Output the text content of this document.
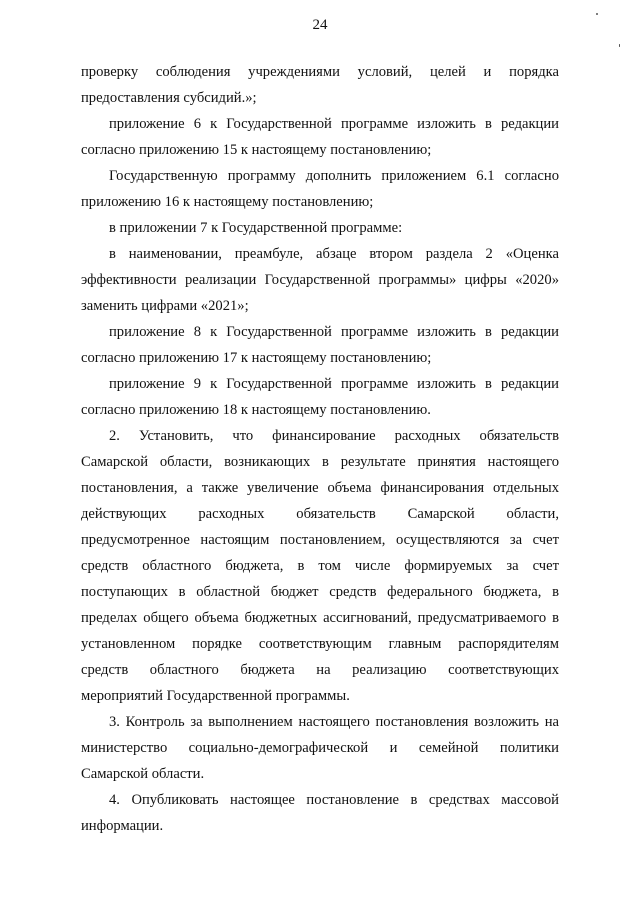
24
проверку соблюдения учреждениями условий, целей и порядка
предоставления субсидий.»;
приложение 6 к Государственной программе изложить в редакции
согласно приложению 15 к настоящему постановлению;
Государственную программу дополнить приложением 6.1 согласно
приложению 16 к настоящему постановлению;
в приложении 7 к Государственной программе:
в наименовании, преамбуле, абзаце втором раздела 2 «Оценка
эффективности реализации Государственной программы» цифры «2020»
заменить цифрами «2021»;
приложение 8 к Государственной программе изложить в редакции
согласно приложению 17 к настоящему постановлению;
приложение 9 к Государственной программе изложить в редакции
согласно приложению 18 к настоящему постановлению.
2. Установить, что финансирование расходных обязательств
Самарской области, возникающих в результате принятия настоящего
постановления, а также увеличение объема финансирования отдельных
действующих расходных обязательств Самарской области,
предусмотренное настоящим постановлением, осуществляются за счет
средств областного бюджета, в том числе формируемых за счет
поступающих в областной бюджет средств федерального бюджета, в
пределах общего объема бюджетных ассигнований, предусматриваемого в
установленном порядке соответствующим главным распорядителям
средств областного бюджета на реализацию соответствующих
мероприятий Государственной программы.
3. Контроль за выполнением настоящего постановления возложить на
министерство социально-демографической и семейной политики
Самарской области.
4. Опубликовать настоящее постановление в средствах массовой
информации.
